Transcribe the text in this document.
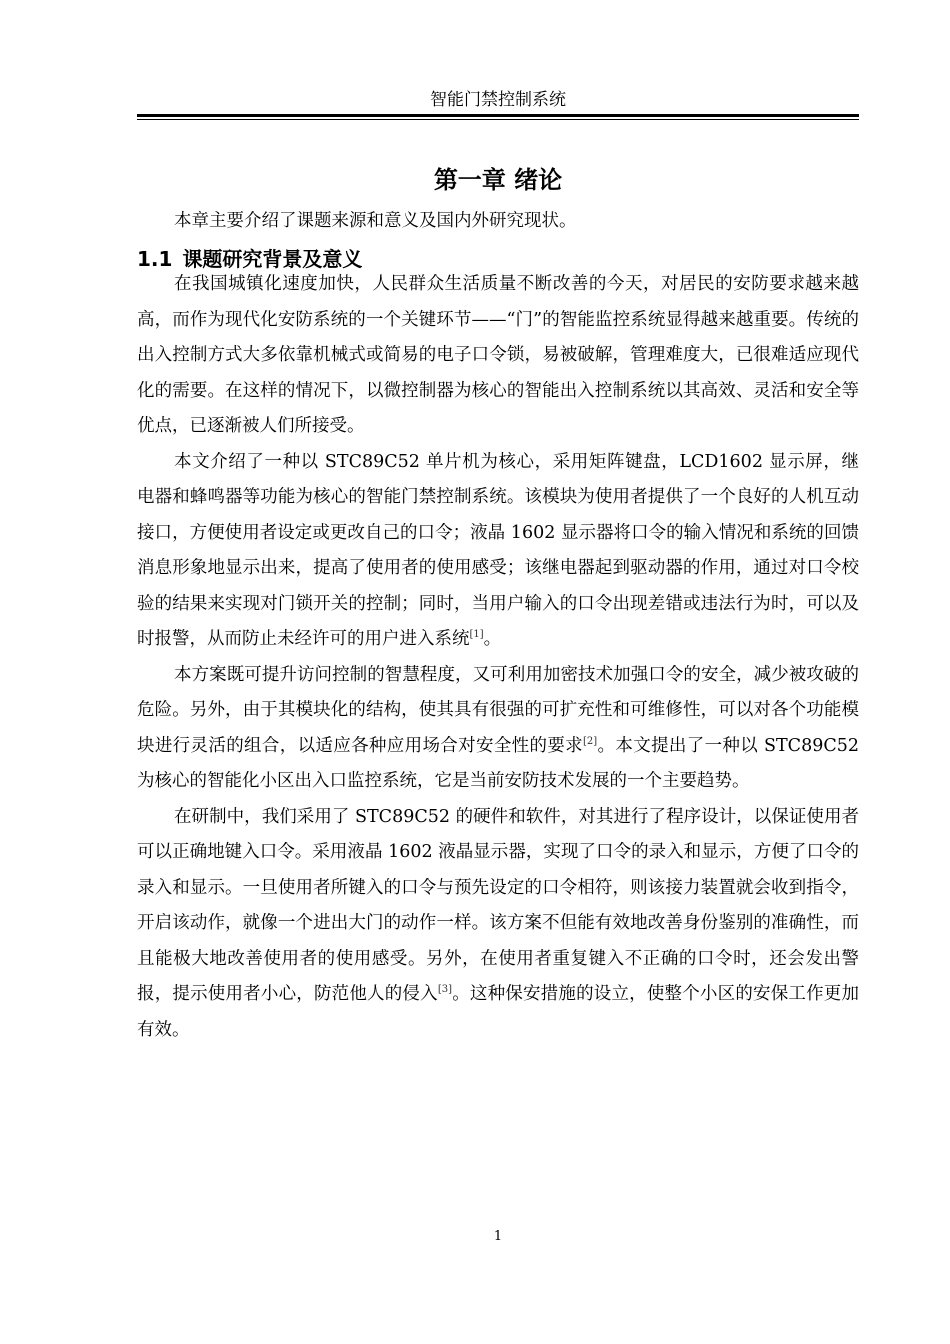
智能门禁控制系统
第一章 绪论

本章主要介绍了课题来源和意义及国内外研究现状。

1.1 课题研究背景及意义

在我国城镇化速度加快，人民群众生活质量不断改善的今天，对居民的安防要求越来越高，而作为现代化安防系统的一个关键环节——“门”的智能监控系统显得越来越重要。传统的出入控制方式大多依靠机械式或简易的电子口令锁，易被破解，管理难度大，已很难适应现代化的需要。在这样的情况下，以微控制器为核心的智能出入控制系统以其高效、灵活和安全等优点，已逐渐被人们所接受。

本文介绍了一种以 STC89C52 单片机为核心，采用矩阵键盘，LCD1602 显示屏，继电器和蜂鸣器等功能为核心的智能门禁控制系统。该模块为使用者提供了一个良好的人机互动接口，方便使用者设定或更改自己的口令；液晶 1602 显示器将口令的输入情况和系统的回馈消息形象地显示出来，提高了使用者的使用感受；该继电器起到驱动器的作用，通过对口令校验的结果来实现对门锁开关的控制；同时，当用户输入的口令出现差错或违法行为时，可以及时报警，从而防止未经许可的用户进入系统[1]。

本方案既可提升访问控制的智慧程度，又可利用加密技术加强口令的安全，减少被攻破的危险。另外，由于其模块化的结构，使其具有很强的可扩充性和可维修性，可以对各个功能模块进行灵活的组合，以适应各种应用场合对安全性的要求[2]。本文提出了一种以 STC89C52 为核心的智能化小区出入口监控系统，它是当前安防技术发展的一个主要趋势。

在研制中，我们采用了 STC89C52 的硬件和软件，对其进行了程序设计，以保证使用者可以正确地键入口令。采用液晶 1602 液晶显示器，实现了口令的录入和显示，方便了口令的录入和显示。一旦使用者所键入的口令与预先设定的口令相符，则该接力装置就会收到指令，开启该动作，就像一个进出大门的动作一样。该方案不但能有效地改善身份鉴别的准确性，而且能极大地改善使用者的使用感受。另外，在使用者重复键入不正确的口令时，还会发出警报，提示使用者小心，防范他人的侵入[3]。这种保安措施的设立，使整个小区的安保工作更加有效。

1
